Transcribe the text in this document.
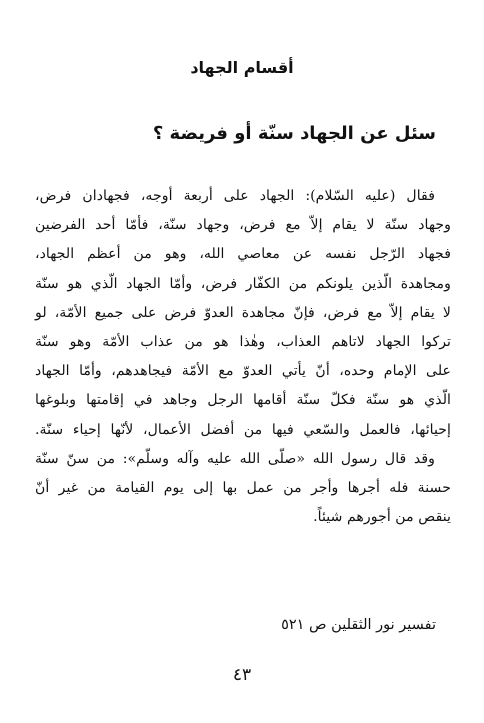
أقسام الجهاد
سئل عن الجهاد سنّة أو فريضة ؟
فقال (عليه السّلام): الجهاد على أربعة أوجه، فجهادان فرض،
وجهاد سنّة لا يقام إلاّ مع فرض، وجهاد سنّة، فأمّا أحد الفرضين
فجهاد الرّجل نفسه عن معاصي الله، وهو من أعظم الجهاد،
ومجاهدة الّذين يلونكم من الكفّار فرض، وأمّا الجهاد الّذي هو سنّة
لا يقام إلاّ مع فرض، فإنّ مجاهدة العدوّ فرض على جميع الأمّة، لو
تركوا الجهاد لاتاهم العذاب، وهٰذا هو من عذاب الأمّة وهو سنّة
على الإمام وحده، أنّ يأتي العدوّ مع الأمّة فيجاهدهم، وأمّا الجهاد
الّذي هو سنّة فكلّ سنّة أقامها الرجل وجاهد في إقامتها وبلوغها
إحيائها، فالعمل والسّعي فيها من أفضل الأعمال، لأنّها إحياء سنّة.
وقد قال رسول الله «صلّى الله عليه وآله وسلّم»: من سنّ سنّة
حسنة فله أجرها وأجر من عمل بها إلى يوم القيامة من غير أنّ
ينقص من أجورهم شيئاً.
تفسير نور الثقلين ص ٥٢١
٤٣
